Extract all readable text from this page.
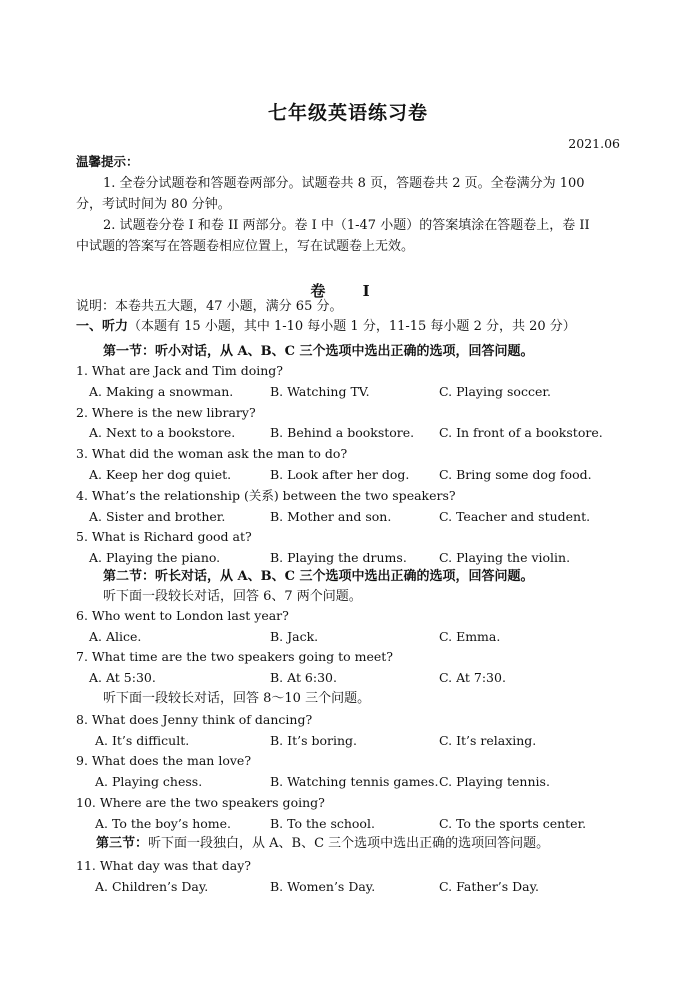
七年级英语练习卷
2021.06
温馨提示：
1. 全卷分试题卷和答题卷两部分。试题卷共 8 页，答题卷共 2 页。全卷满分为 100
分，考试时间为 80 分钟。
2. 试题卷分卷 I 和卷 II 两部分。卷 I 中（1-47 小题）的答案填涂在答题卷上，卷 II
中试题的答案写在答题卷相应位置上，写在试题卷上无效。
卷 I
说明：本卷共五大题，47 小题，满分 65 分。
一、听力（本题有 15 小题，其中 1-10 每小题 1 分，11-15 每小题 2 分，共 20 分）
第一节：听小对话，从 A、B、C 三个选项中选出正确的选项，回答问题。
1. What are Jack and Tim doing?
A. Making a snowman.	B. Watching TV.	C. Playing soccer.
2. Where is the new library?
A. Next to a bookstore.	B. Behind a bookstore. C. In front of a bookstore.
3. What did the woman ask the man to do?
A. Keep her dog quiet.	B. Look after her dog. C. Bring some dog food.
4. What’s the relationship (关系) between the two speakers?
A. Sister and brother.	B. Mother and son.	C. Teacher and student.
5. What is Richard good at?
A. Playing the piano.	B. Playing the drums.	C. Playing the violin.
第二节：听长对话，从 A、B、C 三个选项中选出正确的选项，回答问题。
听下面一段较长对话，回答 6、7 两个问题。
6. Who went to London last year?
A. Alice.	B. Jack.	C. Emma.
7. What time are the two speakers going to meet?
A. At 5:30.	B. At 6:30.	C. At 7:30.
听下面一段较长对话，回答 8～10 三个问题。
8. What does Jenny think of dancing?
A. It’s difficult.	B. It’s boring.	C. It’s relaxing.
9. What does the man love?
A. Playing chess.	B. Watching tennis games. C. Playing tennis.
10. Where are the two speakers going?
A. To the boy’s home.	B. To the school.	C. To the sports center.
第三节：听下面一段独白，从 A、B、C 三个选项中选出正确的选项回答问题。
11. What day was that day?
A. Children’s Day.	B. Women’s Day.	C. Father’s Day.
